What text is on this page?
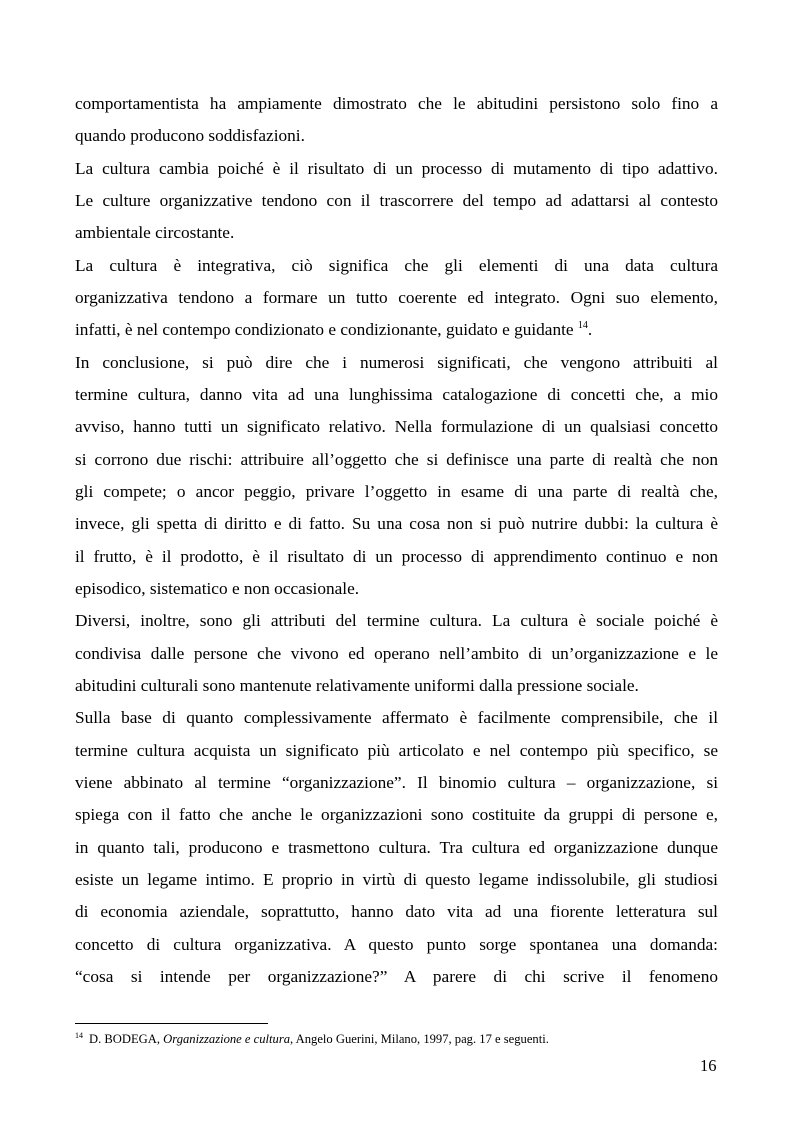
comportamentista ha ampiamente dimostrato che le abitudini persistono solo fino a
quando producono soddisfazioni.
La cultura cambia poiché è il risultato di un processo di mutamento di tipo adattivo.
Le culture organizzative tendono con il trascorrere del tempo ad adattarsi al contesto
ambientale circostante.
La cultura è integrativa, ciò significa che gli elementi di una data cultura
organizzativa tendono a formare un tutto coerente ed integrato. Ogni suo elemento,
infatti, è nel contempo condizionato e condizionante, guidato e guidante $^{14}$.
In conclusione, si può dire che i numerosi significati, che vengono attribuiti al
termine cultura, danno vita ad una lunghissima catalogazione di concetti che, a mio
avviso, hanno tutti un significato relativo. Nella formulazione di un qualsiasi concetto
si corrono due rischi: attribuire all’oggetto che si definisce una parte di realtà che non
gli compete; o ancor peggio, privare l’oggetto in esame di una parte di realtà che,
invece, gli spetta di diritto e di fatto. Su una cosa non si può nutrire dubbi: la cultura è
il frutto, è il prodotto, è il risultato di un processo di apprendimento continuo e non
episodico, sistematico e non occasionale.
Diversi, inoltre, sono gli attributi del termine cultura. La cultura è sociale poiché è
condivisa dalle persone che vivono ed operano nell’ambito di un’organizzazione e le
abitudini culturali sono mantenute relativamente uniformi dalla pressione sociale.
Sulla base di quanto complessivamente affermato è facilmente comprensibile, che il
termine cultura acquista un significato più articolato e nel contempo più specifico, se
viene abbinato al termine “organizzazione”. Il binomio cultura – organizzazione, si
spiega con il fatto che anche le organizzazioni sono costituite da gruppi di persone e,
in quanto tali, producono e trasmettono cultura. Tra cultura ed organizzazione dunque
esiste un legame intimo. E proprio in virtù di questo legame indissolubile, gli studiosi
di economia aziendale, soprattutto, hanno dato vita ad una fiorente letteratura sul
concetto di cultura organizzativa. A questo punto sorge spontanea una domanda:
“cosa si intende per organizzazione?” A parere di chi scrive il fenomeno
$^{14}$ D. BODEGA, Organizzazione e cultura, Angelo Guerini, Milano, 1997, pag. 17 e seguenti.
16
